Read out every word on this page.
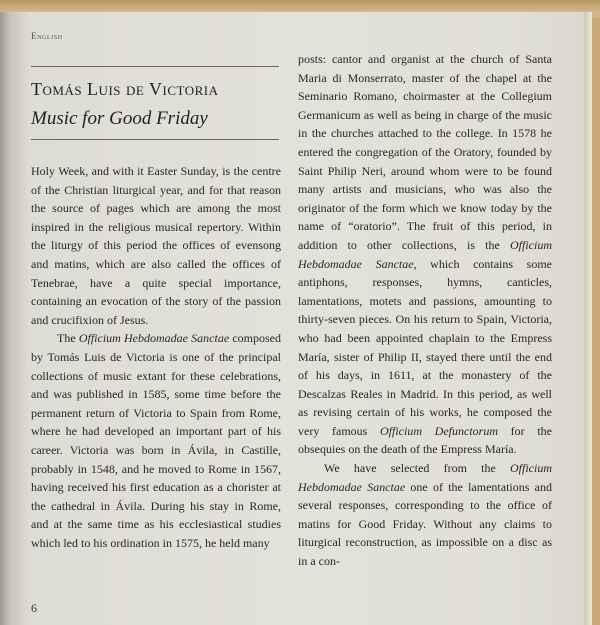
English
Tomás Luis de Victoria
Music for Good Friday

Holy Week, and with it Easter Sunday, is the centre of the Christian liturgical year, and for that reason the source of pages which are among the most inspired in the religious musical repertory. Within the liturgy of this period the offices of evensong and matins, which are also called the offices of Tenebrae, have a quite special importance, containing an evocation of the story of the passion and crucifixion of Jesus.

The Officium Hebdomadae Sanctae composed by Tomás Luis de Victoria is one of the principal collections of music extant for these celebrations, and was published in 1585, some time before the permanent return of Victoria to Spain from Rome, where he had developed an important part of his career. Victoria was born in Ávila, in Castille, probably in 1548, and he moved to Rome in 1567, having received his first education as a chorister at the cathedral in Ávila. During his stay in Rome, and at the same time as his ecclesiastical studies which led to his ordination in 1575, he held many

posts: cantor and organist at the church of Santa Maria di Monserrato, master of the chapel at the Seminario Romano, choirmaster at the Collegium Germanicum as well as being in charge of the music in the churches attached to the college. In 1578 he entered the congregation of the Oratory, founded by Saint Philip Neri, around whom were to be found many artists and musicians, who was also the originator of the form which we know today by the name of “oratorio”. The fruit of this period, in addition to other collections, is the Officium Hebdomadae Sanctae, which contains some antiphons, responses, hymns, canticles, lamentations, motets and passions, amounting to thirty-seven pieces. On his return to Spain, Victoria, who had been appointed chaplain to the Empress María, sister of Philip II, stayed there until the end of his days, in 1611, at the monastery of the Descalzas Reales in Madrid. In this period, as well as revising certain of his works, he composed the very famous Officium Defunctorum for the obsequies on the death of the Empress María.

We have selected from the Officium Hebdomadae Sanctae one of the lamentations and several responses, corresponding to the office of matins for Good Friday. Without any claims to liturgical reconstruction, as impossible on a disc as in a con-

6
